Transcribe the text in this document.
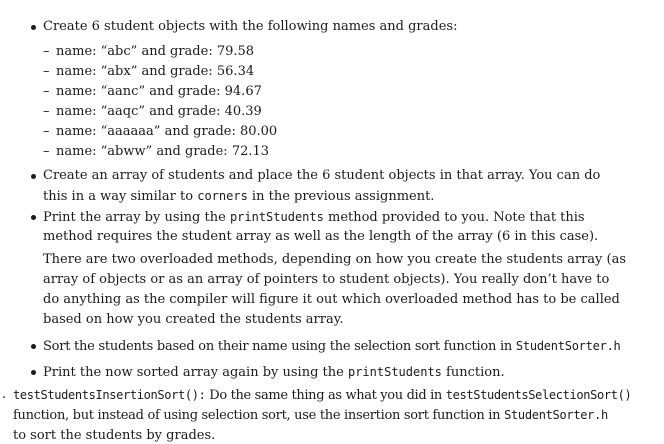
Create 6 student objects with the following names and grades:
– name: “abc” and grade: 79.58
– name: “abx” and grade: 56.34
– name: “aanc” and grade: 94.67
– name: “aaqc” and grade: 40.39
– name: “aaaaaa” and grade: 80.00
– name: “abww” and grade: 72.13
Create an array of students and place the 6 student objects in that array. You can do
this in a way similar to corners in the previous assignment.
Print the array by using the printStudents method provided to you. Note that this
method requires the student array as well as the length of the array (6 in this case).
There are two overloaded methods, depending on how you create the students array (as
array of objects or as an array of pointers to student objects). You really don’t have to
do anything as the compiler will figure it out which overloaded method has to be called
based on how you created the students array.
Sort the students based on their name using the selection sort function in StudentSorter.h
Print the now sorted array again by using the printStudents function.
. testStudentsInsertionSort(): Do the same thing as what you did in testStudentsSelectionSort()
function, but instead of using selection sort, use the insertion sort function in StudentSorter.h
to sort the students by grades.
